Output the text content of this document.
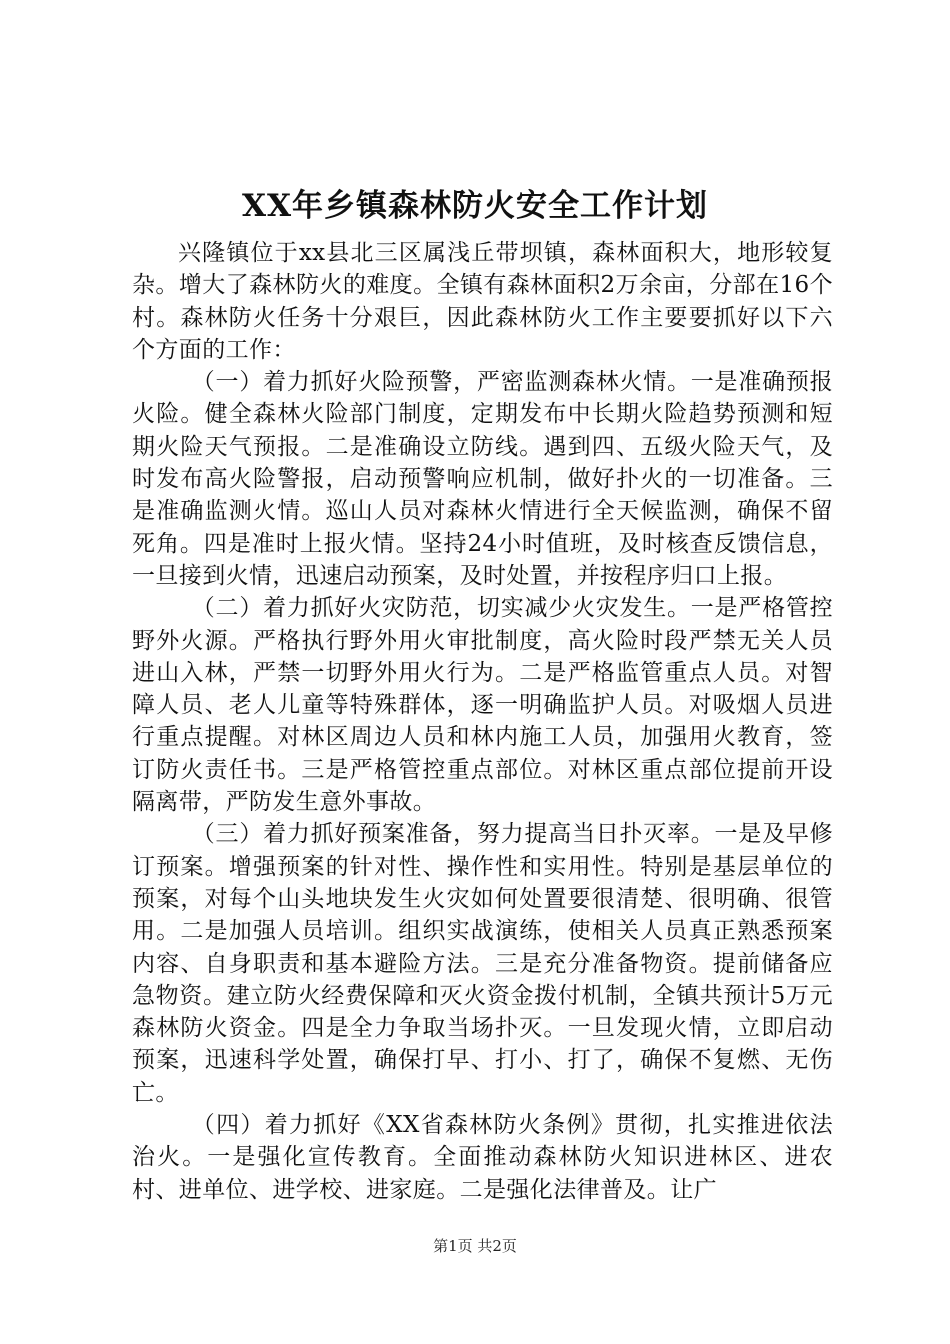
XX年乡镇森林防火安全工作计划

兴隆镇位于xx县北三区属浅丘带坝镇，森林面积大，地形较复杂。增大了森林防火的难度。全镇有森林面积2万余亩，分部在16个村。森林防火任务十分艰巨，因此森林防火工作主要要抓好以下六个方面的工作：

（一）着力抓好火险预警，严密监测森林火情。一是准确预报火险。健全森林火险部门制度，定期发布中长期火险趋势预测和短期火险天气预报。二是准确设立防线。遇到四、五级火险天气，及时发布高火险警报，启动预警响应机制，做好扑火的一切准备。三是准确监测火情。巡山人员对森林火情进行全天候监测，确保不留死角。四是准时上报火情。坚持24小时值班，及时核查反馈信息，一旦接到火情，迅速启动预案，及时处置，并按程序归口上报。

（二）着力抓好火灾防范，切实减少火灾发生。一是严格管控野外火源。严格执行野外用火审批制度，高火险时段严禁无关人员进山入林，严禁一切野外用火行为。二是严格监管重点人员。对智障人员、老人儿童等特殊群体，逐一明确监护人员。对吸烟人员进行重点提醒。对林区周边人员和林内施工人员，加强用火教育，签订防火责任书。三是严格管控重点部位。对林区重点部位提前开设隔离带，严防发生意外事故。

（三）着力抓好预案准备，努力提高当日扑灭率。一是及早修订预案。增强预案的针对性、操作性和实用性。特别是基层单位的预案，对每个山头地块发生火灾如何处置要很清楚、很明确、很管用。二是加强人员培训。组织实战演练，使相关人员真正熟悉预案内容、自身职责和基本避险方法。三是充分准备物资。提前储备应急物资。建立防火经费保障和灭火资金拨付机制，全镇共预计5万元森林防火资金。四是全力争取当场扑灭。一旦发现火情，立即启动预案，迅速科学处置，确保打早、打小、打了，确保不复燃、无伤亡。

（四）着力抓好《XX省森林防火条例》贯彻，扎实推进依法治火。一是强化宣传教育。全面推动森林防火知识进林区、进农村、进单位、进学校、进家庭。二是强化法律普及。让广

第1页 共2页
